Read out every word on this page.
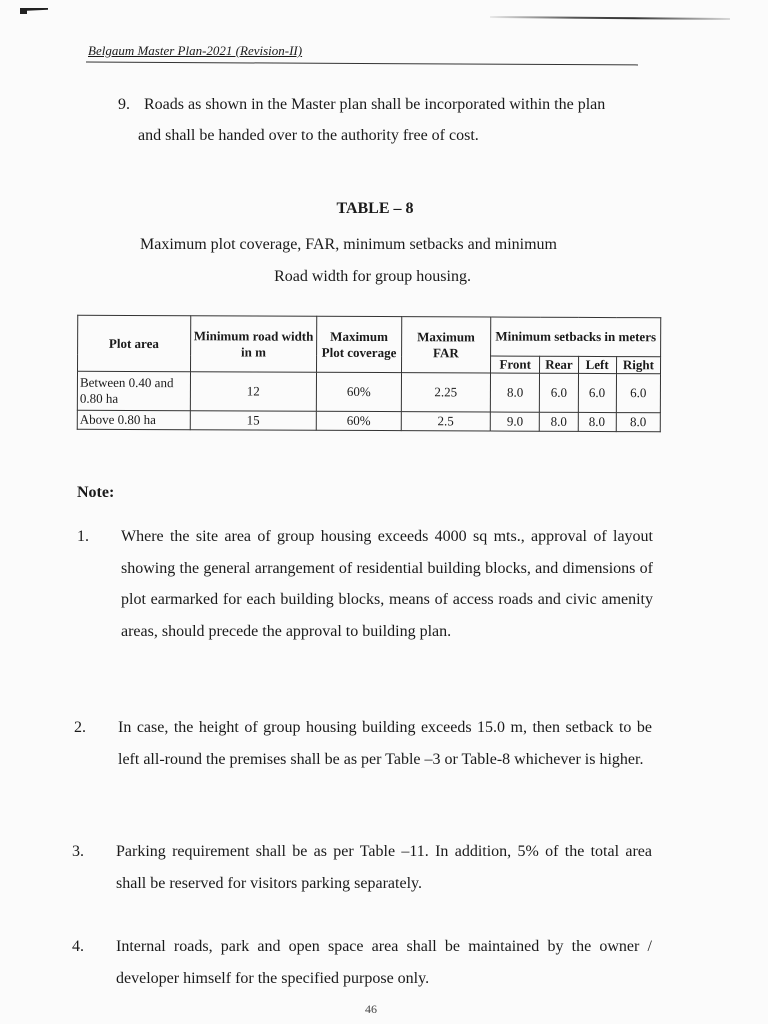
Belgaum Master Plan-2021 (Revision-II)
9. Roads as shown in the Master plan shall be incorporated within the plan
and shall be handed over to the authority free of cost.
TABLE – 8
Maximum plot coverage, FAR, minimum setbacks and minimum
Road width for group housing.
Plot area	Minimum road width in m	Maximum Plot coverage	Maximum FAR	Minimum setbacks in meters			
				Front	Rear	Left	Right
Between 0.40 and 0.80 ha	12	60%	2.25	8.0	6.0	6.0	6.0
Above 0.80 ha	15	60%	2.5	9.0	8.0	8.0	8.0
Note:
1. Where the site area of group housing exceeds 4000 sq mts., approval of layout showing the general arrangement of residential building blocks, and dimensions of plot earmarked for each building blocks, means of access roads and civic amenity areas, should precede the approval to building plan.
2. In case, the height of group housing building exceeds 15.0 m, then setback to be left all-round the premises shall be as per Table –3 or Table-8 whichever is higher.
3. Parking requirement shall be as per Table –11. In addition, 5% of the total area shall be reserved for visitors parking separately.
4. Internal roads, park and open space area shall be maintained by the owner / developer himself for the specified purpose only.
46
